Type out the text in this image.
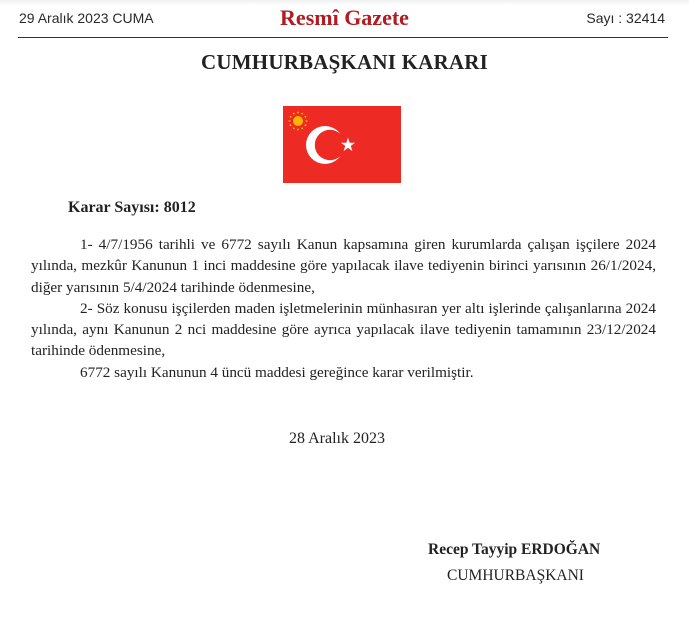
29 Aralık 2023 CUMA	Resmî Gazete	Sayı : 32414
CUMHURBAŞKANI KARARI
Karar Sayısı: 8012

1- 4/7/1956 tarihli ve 6772 sayılı Kanun kapsamına giren kurumlarda çalışan işçilere 2024 yılında, mezkûr Kanunun 1 inci maddesine göre yapılacak ilave tediyenin birinci yarısının 26/1/2024, diğer yarısının 5/4/2024 tarihinde ödenmesine,

2- Söz konusu işçilerden maden işletmelerinin münhasıran yer altı işlerinde çalışanlarına 2024 yılında, aynı Kanunun 2 nci maddesine göre ayrıca yapılacak ilave tediyenin tamamının 23/12/2024 tarihinde ödenmesine,

6772 sayılı Kanunun 4 üncü maddesi gereğince karar verilmiştir.

28 Aralık 2023
Recep Tayyip ERDOĞAN
CUMHURBAŞKANI
